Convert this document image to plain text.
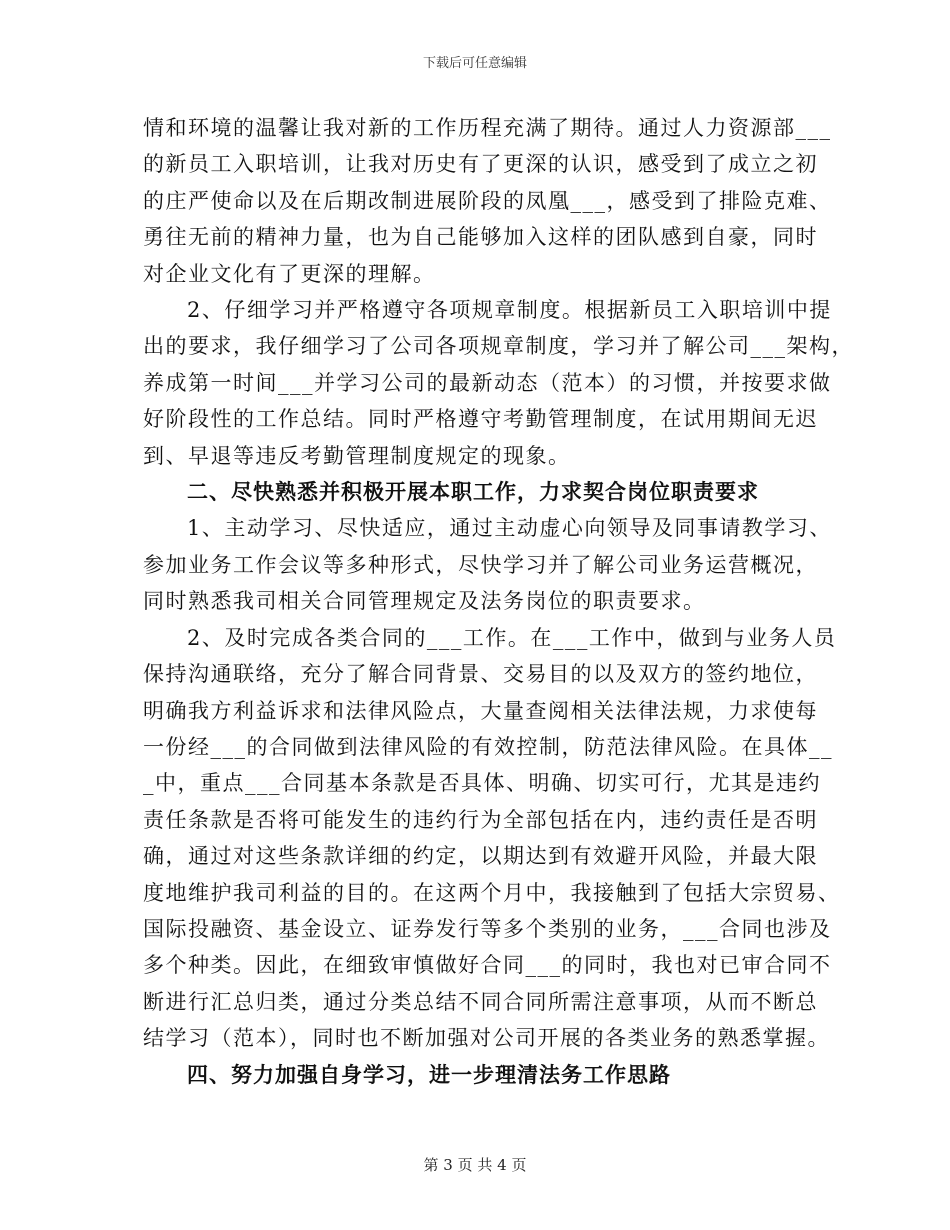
下载后可任意编辑
情和环境的温馨让我对新的工作历程充满了期待。通过人力资源部___
的新员工入职培训，让我对历史有了更深的认识，感受到了成立之初
的庄严使命以及在后期改制进展阶段的凤凰___，感受到了排险克难、
勇往无前的精神力量，也为自己能够加入这样的团队感到自豪，同时
对企业文化有了更深的理解。
2、仔细学习并严格遵守各项规章制度。根据新员工入职培训中提
出的要求，我仔细学习了公司各项规章制度，学习并了解公司___架构，
养成第一时间___并学习公司的最新动态（范本）的习惯，并按要求做
好阶段性的工作总结。同时严格遵守考勤管理制度，在试用期间无迟
到、早退等违反考勤管理制度规定的现象。
二、尽快熟悉并积极开展本职工作，力求契合岗位职责要求
1、主动学习、尽快适应，通过主动虚心向领导及同事请教学习、
参加业务工作会议等多种形式，尽快学习并了解公司业务运营概况，
同时熟悉我司相关合同管理规定及法务岗位的职责要求。
2、及时完成各类合同的___工作。在___工作中，做到与业务人员
保持沟通联络，充分了解合同背景、交易目的以及双方的签约地位，
明确我方利益诉求和法律风险点，大量查阅相关法律法规，力求使每
一份经___的合同做到法律风险的有效控制，防范法律风险。在具体__
_中，重点___合同基本条款是否具体、明确、切实可行，尤其是违约
责任条款是否将可能发生的违约行为全部包括在内，违约责任是否明
确，通过对这些条款详细的约定，以期达到有效避开风险，并最大限
度地维护我司利益的目的。在这两个月中，我接触到了包括大宗贸易、
国际投融资、基金设立、证券发行等多个类别的业务，___合同也涉及
多个种类。因此，在细致审慎做好合同___的同时，我也对已审合同不
断进行汇总归类，通过分类总结不同合同所需注意事项，从而不断总
结学习（范本），同时也不断加强对公司开展的各类业务的熟悉掌握。
四、努力加强自身学习，进一步理清法务工作思路
第 3 页 共 4 页
